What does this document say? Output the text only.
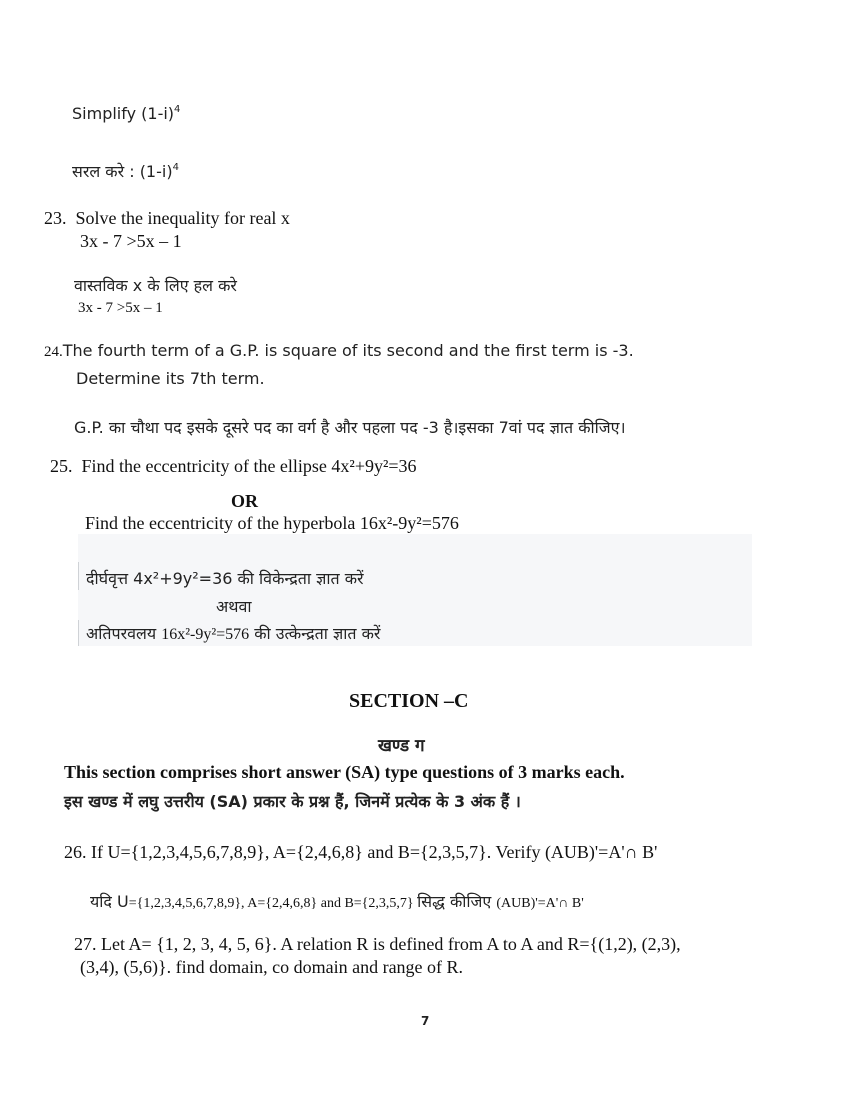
Simplify $(1-i)^4$
सरल करे : $(1-i)^4$
23. Solve the inequality for real x
3x - 7 >5x – 1
वास्तविक x के लिए हल करे
3x - 7 >5x – 1
24.The fourth term of a G.P. is square of its second and the first term is -3.
Determine its 7th term.
G.P. का चौथा पद इसके दूसरे पद का वर्ग है और पहला पद -3 है।इसका 7वां पद ज्ञात कीजिए।
25. Find the eccentricity of the ellipse 4x²+9y²=36
OR
Find the eccentricity of the hyperbola 16x²-9y²=576
दीर्घवृत्त 4x²+9y²=36 की विकेन्द्रता ज्ञात करें
अथवा
अतिपरवलय 16x²-9y²=576 की उत्केन्द्रता ज्ञात करें
SECTION –C
खण्ड ग
This section comprises short answer (SA) type questions of 3 marks each.
इस खण्ड में लघु उत्तरीय (SA) प्रकार के प्रश्न हैं, जिनमें प्रत्येक के 3 अंक हैं ।
26. If U={1,2,3,4,5,6,7,8,9}, A={2,4,6,8} and B={2,3,5,7}. Verify (AUB)'=A'∩ B'
यदि U={1,2,3,4,5,6,7,8,9}, A={2,4,6,8} and B={2,3,5,7} सिद्ध कीजिए (AUB)'=A'∩ B'
27. Let A= {1, 2, 3, 4, 5, 6}. A relation R is defined from A to A and R={(1,2), (2,3),
(3,4), (5,6)}. find domain, co domain and range of R.
7
